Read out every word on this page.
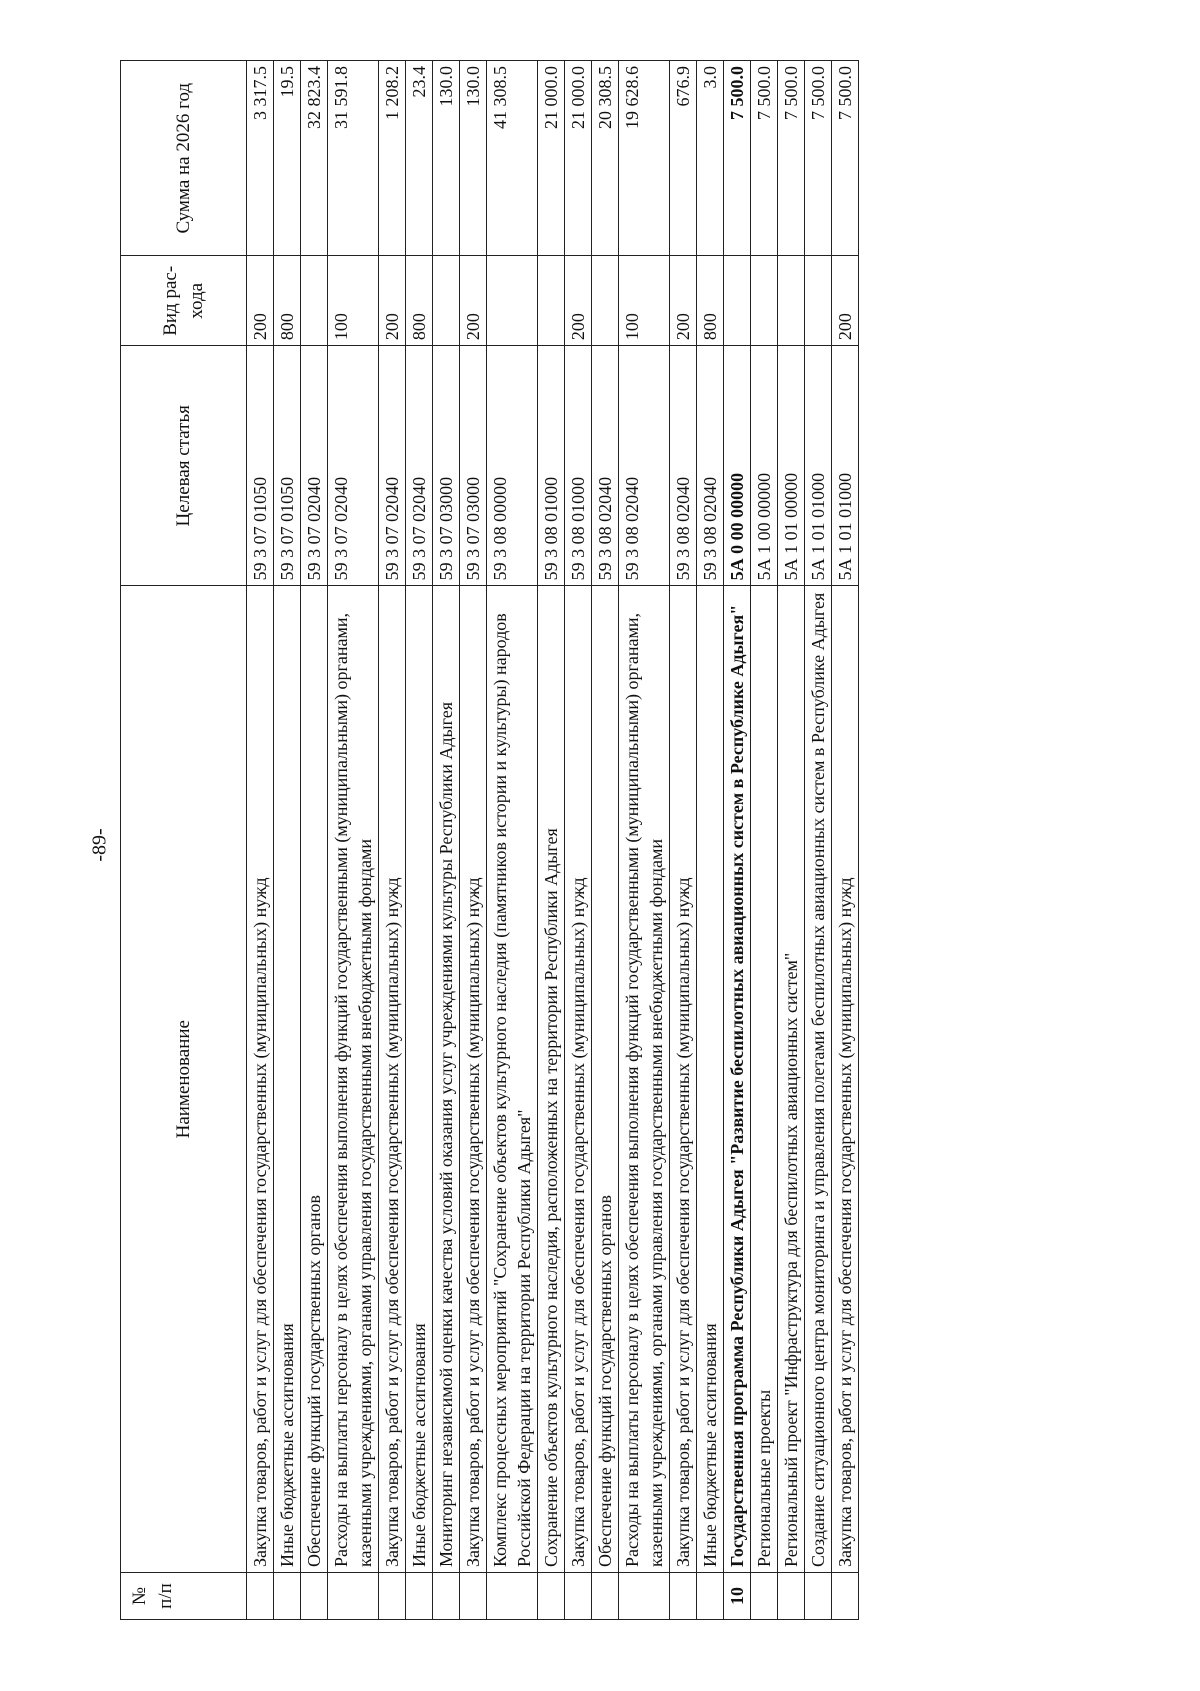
-89-
№ п/п	Наименование	Целевая статья	Вид рас-хода	Сумма на 2026 год
	Закупка товаров, работ и услуг для обеспечения государственных (муниципальных) нужд	59 3 07 01050	200	3 317.5
	Иные бюджетные ассигнования	59 3 07 01050	800	19.5
	Обеспечение функций государственных органов	59 3 07 02040		32 823.4
	Расходы на выплаты персоналу в целях обеспечения выполнения функций государственными (муниципальными) органами, казенными учреждениями, органами управления государственными внебюджетными фондами	59 3 07 02040	100	31 591.8
	Закупка товаров, работ и услуг для обеспечения государственных (муниципальных) нужд	59 3 07 02040	200	1 208.2
	Иные бюджетные ассигнования	59 3 07 02040	800	23.4
	Мониторинг независимой оценки качества условий оказания услуг учреждениями культуры Республики Адыгея	59 3 07 03000		130.0
	Закупка товаров, работ и услуг для обеспечения государственных (муниципальных) нужд	59 3 07 03000	200	130.0
	Комплекс процессных мероприятий "Сохранение объектов культурного наследия (памятников истории и культуры) народов Российской Федерации на территории Республики Адыгея"	59 3 08 00000		41 308.5
	Сохранение объектов культурного наследия, расположенных на территории Республики Адыгея	59 3 08 01000		21 000.0
	Закупка товаров, работ и услуг для обеспечения государственных (муниципальных) нужд	59 3 08 01000	200	21 000.0
	Обеспечение функций государственных органов	59 3 08 02040		20 308.5
	Расходы на выплаты персоналу в целях обеспечения выполнения функций государственными (муниципальными) органами, казенными учреждениями, органами управления государственными внебюджетными фондами	59 3 08 02040	100	19 628.6
	Закупка товаров, работ и услуг для обеспечения государственных (муниципальных) нужд	59 3 08 02040	200	676.9
	Иные бюджетные ассигнования	59 3 08 02040	800	3.0
10	Государственная программа Республики Адыгея "Развитие беспилотных авиационных систем в Республике Адыгея"	5А 0 00 00000		7 500.0
	Региональные проекты	5А 1 00 00000		7 500.0
	Региональный проект "Инфраструктура для беспилотных авиационных систем"	5А 1 01 00000		7 500.0
	Создание ситуационного центра мониторинга и управления полетами беспилотных авиационных систем в Республике Адыгея	5А 1 01 01000		7 500.0
	Закупка товаров, работ и услуг для обеспечения государственных (муниципальных) нужд	5А 1 01 01000	200	7 500.0
